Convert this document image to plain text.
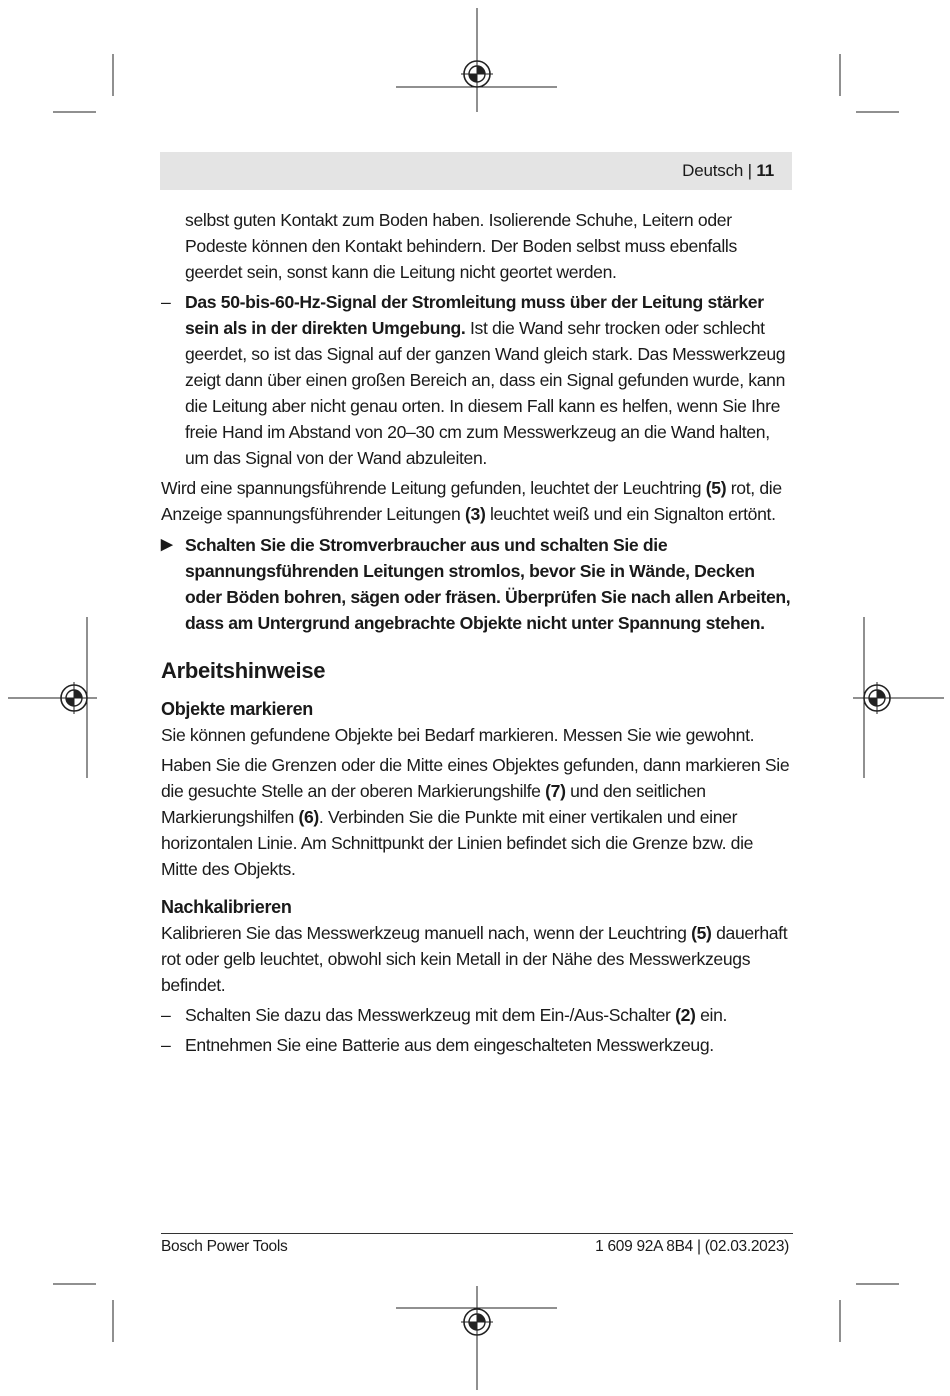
Deutsch | 11

selbst guten Kontakt zum Boden haben. Isolierende Schuhe, Leitern oder Podeste können den Kontakt behindern. Der Boden selbst muss ebenfalls geerdet sein, sonst kann die Leitung nicht geortet werden.

– Das 50-bis-60-Hz-Signal der Stromleitung muss über der Leitung stärker sein als in der direkten Umgebung. Ist die Wand sehr trocken oder schlecht geerdet, so ist das Signal auf der ganzen Wand gleich stark. Das Messwerkzeug zeigt dann über einen großen Bereich an, dass ein Signal gefunden wurde, kann die Leitung aber nicht genau orten. In diesem Fall kann es helfen, wenn Sie Ihre freie Hand im Abstand von 20–30 cm zum Messwerkzeug an die Wand halten, um das Signal von der Wand abzuleiten.

Wird eine spannungsführende Leitung gefunden, leuchtet der Leuchtring (5) rot, die Anzeige spannungsführender Leitungen (3) leuchtet weiß und ein Signalton ertönt.

▶ Schalten Sie die Stromverbraucher aus und schalten Sie die spannungsführenden Leitungen stromlos, bevor Sie in Wände, Decken oder Böden bohren, sägen oder fräsen. Überprüfen Sie nach allen Arbeiten, dass am Untergrund angebrachte Objekte nicht unter Spannung stehen.
Arbeitshinweise
Objekte markieren

Sie können gefundene Objekte bei Bedarf markieren. Messen Sie wie gewohnt.

Haben Sie die Grenzen oder die Mitte eines Objektes gefunden, dann markieren Sie die gesuchte Stelle an der oberen Markierungshilfe (7) und den seitlichen Markierungshilfen (6). Verbinden Sie die Punkte mit einer vertikalen und einer horizontalen Linie. Am Schnittpunkt der Linien befindet sich die Grenze bzw. die Mitte des Objekts.

Nachkalibrieren

Kalibrieren Sie das Messwerkzeug manuell nach, wenn der Leuchtring (5) dauerhaft rot oder gelb leuchtet, obwohl sich kein Metall in der Nähe des Messwerkzeugs befindet.

– Schalten Sie dazu das Messwerkzeug mit dem Ein-/Aus-Schalter (2) ein.
– Entnehmen Sie eine Batterie aus dem eingeschalteten Messwerkzeug.
Bosch Power Tools	1 609 92A 8B4 | (02.03.2023)
